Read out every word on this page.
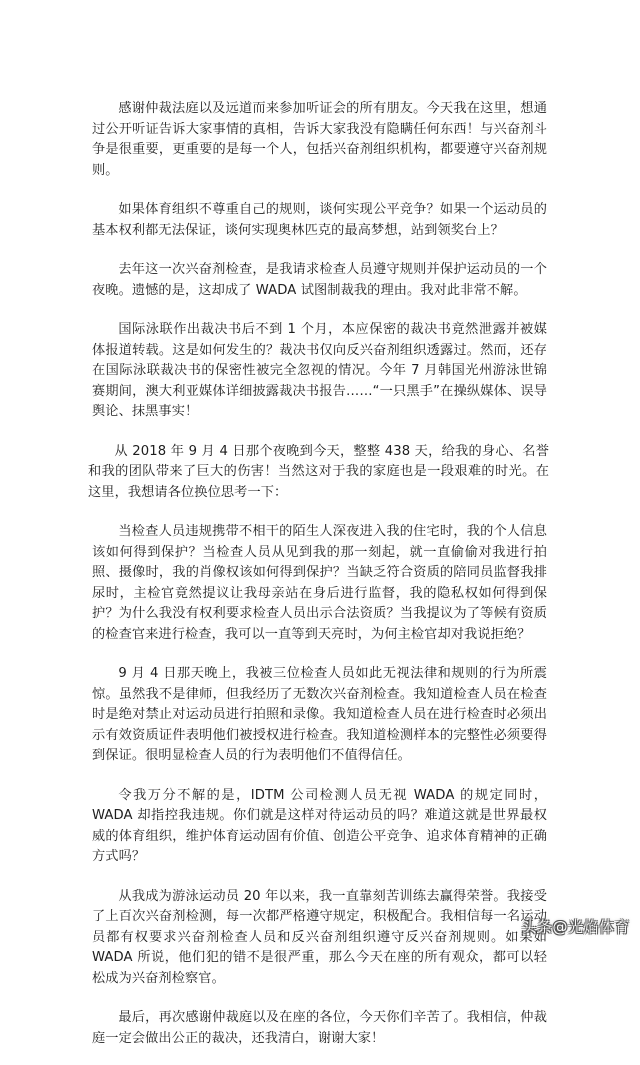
感谢仲裁法庭以及远道而来参加听证会的所有朋友。今天我在这里，想通过公开听证告诉大家事情的真相，告诉大家我没有隐瞒任何东西！与兴奋剂斗争是很重要，更重要的是每一个人，包括兴奋剂组织机构，都要遵守兴奋剂规则。

如果体育组织不尊重自己的规则，谈何实现公平竞争？如果一个运动员的基本权利都无法保证，谈何实现奥林匹克的最高梦想，站到领奖台上？

去年这一次兴奋剂检查，是我请求检查人员遵守规则并保护运动员的一个夜晚。遗憾的是，这却成了 WADA 试图制裁我的理由。我对此非常不解。

国际泳联作出裁决书后不到 1 个月，本应保密的裁决书竟然泄露并被媒体报道转载。这是如何发生的？裁决书仅向反兴奋剂组织透露过。然而，还存在国际泳联裁决书的保密性被完全忽视的情况。今年 7 月韩国光州游泳世锦赛期间，澳大利亚媒体详细披露裁决书报告……“一只黑手”在操纵媒体、误导舆论、抹黑事实！

从 2018 年 9 月 4 日那个夜晚到今天，整整 438 天，给我的身心、名誉和我的团队带来了巨大的伤害！当然这对于我的家庭也是一段艰难的时光。在这里，我想请各位换位思考一下：

当检查人员违规携带不相干的陌生人深夜进入我的住宅时，我的个人信息该如何得到保护？当检查人员从见到我的那一刻起，就一直偷偷对我进行拍照、摄像时，我的肖像权该如何得到保护？当缺乏符合资质的陪同员监督我排尿时，主检官竟然提议让我母亲站在身后进行监督，我的隐私权如何得到保护？为什么我没有权利要求检查人员出示合法资质？当我提议为了等候有资质的检查官来进行检查，我可以一直等到天亮时，为何主检官却对我说拒绝？

9 月 4 日那天晚上，我被三位检查人员如此无视法律和规则的行为所震惊。虽然我不是律师，但我经历了无数次兴奋剂检查。我知道检查人员在检查时是绝对禁止对运动员进行拍照和录像。我知道检查人员在进行检查时必须出示有效资质证件表明他们被授权进行检查。我知道检测样本的完整性必须要得到保证。很明显检查人员的行为表明他们不值得信任。

令我万分不解的是，IDTM 公司检测人员无视 WADA 的规定同时，WADA 却指控我违规。你们就是这样对待运动员的吗？难道这就是世界最权威的体育组织，维护体育运动固有价值、创造公平竞争、追求体育精神的正确方式吗？

从我成为游泳运动员 20 年以来，我一直靠刻苦训练去赢得荣誉。我接受了上百次兴奋剂检测，每一次都严格遵守规定，积极配合。我相信每一名运动员都有权要求兴奋剂检查人员和反兴奋剂组织遵守反兴奋剂规则。如果如 WADA 所说，他们犯的错不是很严重，那么今天在座的所有观众，都可以轻松成为兴奋剂检察官。

最后，再次感谢仲裁庭以及在座的各位，今天你们辛苦了。我相信，仲裁庭一定会做出公正的裁决，还我清白，谢谢大家！

头条@光焰体育
